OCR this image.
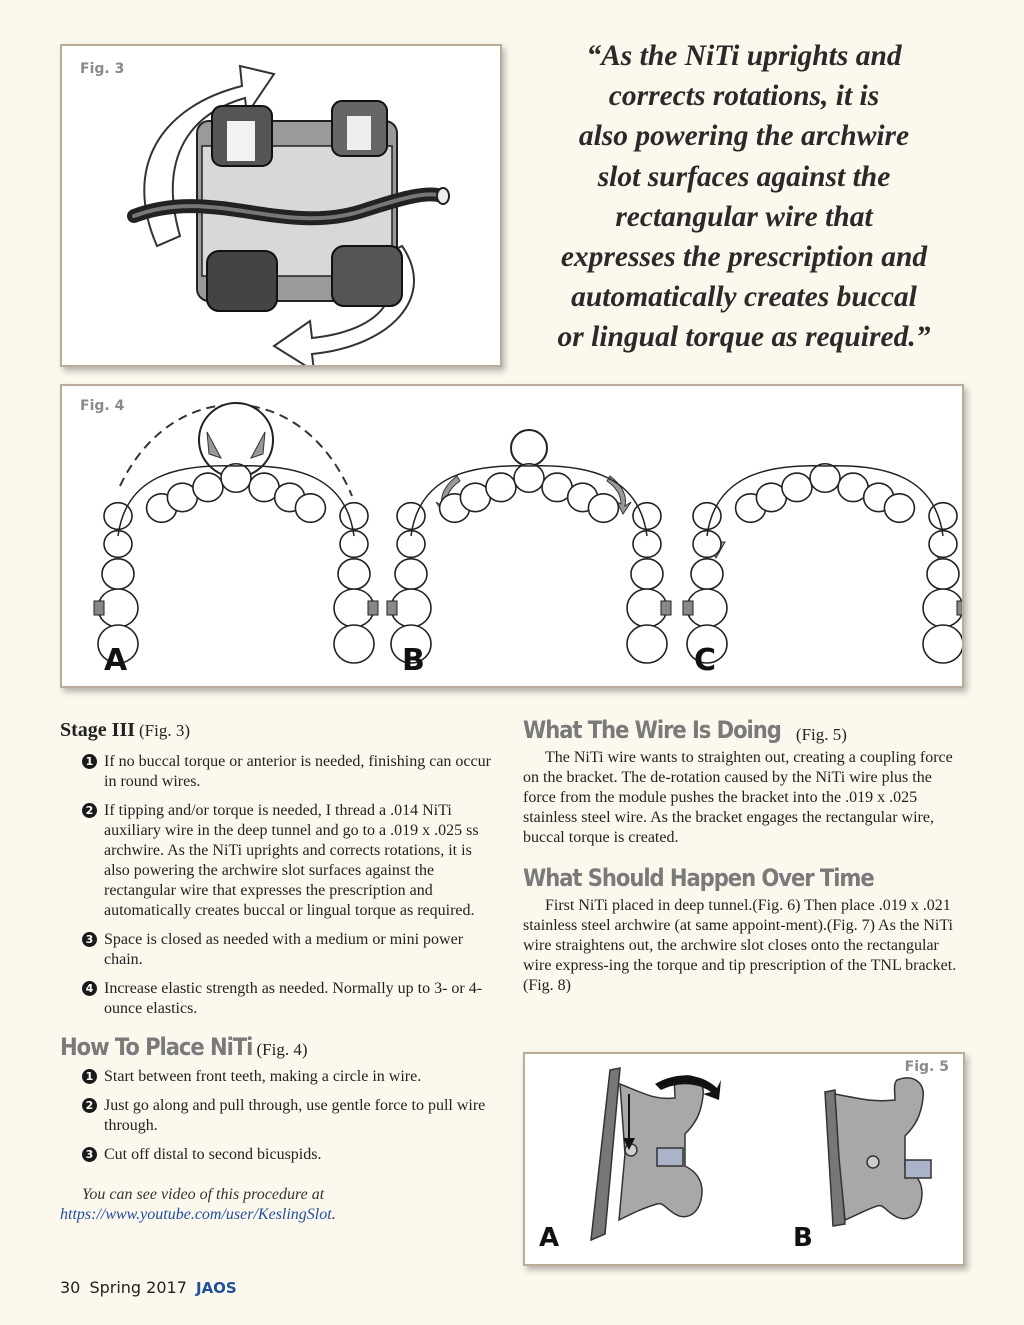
Fig. 3	“As the NiTi uprights and
corrects rotations, it is
also powering the archwire
slot surfaces against the
rectangular wire that
expresses the prescription and
automatically creates buccal
or lingual torque as required.”
Fig. 4
A	B	C
Stage III (Fig. 3)
1 If no buccal torque or anterior is needed, finishing can occur in round wires.
2 If tipping and/or torque is needed, I thread a .014 NiTi auxiliary wire in the deep tunnel and go to a .019 x .025 ss archwire. As the NiTi uprights and corrects rotations, it is also powering the archwire slot surfaces against the rectangular wire that expresses the prescription and automatically creates buccal or lingual torque as required.
3 Space is closed as needed with a medium or mini power chain.
4 Increase elastic strength as needed. Normally up to 3- or 4-ounce elastics.
How To Place NiTi (Fig. 4)
1 Start between front teeth, making a circle in wire.
2 Just go along and pull through, use gentle force to pull wire through.
3 Cut off distal to second bicuspids.
You can see video of this procedure at
https://www.youtube.com/user/KeslingSlot.
What The Wire Is Doing (Fig. 5)

The NiTi wire wants to straighten out, creating a coupling force on the bracket. The de-rotation caused by the NiTi wire plus the force from the module pushes the bracket into the .019 x .025 stainless steel wire. As the bracket engages the rectangular wire, buccal torque is created.

What Should Happen Over Time

First NiTi placed in deep tunnel.(Fig. 6) Then place .019 x .021 stainless steel archwire (at same appoint-ment).(Fig. 7) As the NiTi wire straightens out, the archwire slot closes onto the rectangular wire express-ing the torque and tip prescription of the TNL bracket. (Fig. 8)

Fig. 5
A	B
30 Spring 2017 JAOS
